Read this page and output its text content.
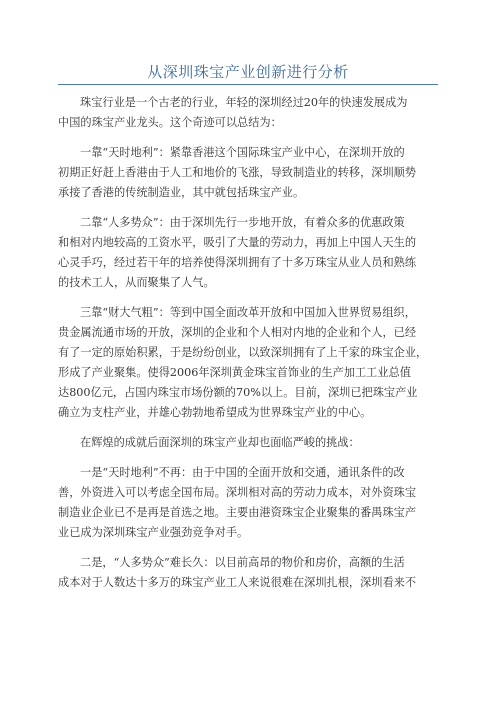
从深圳珠宝产业创新进行分析
珠宝行业是一个古老的行业，年轻的深圳经过20年的快速发展成为
中国的珠宝产业龙头。这个奇迹可以总结为：
一靠“天时地利”：紧靠香港这个国际珠宝产业中心，在深圳开放的
初期正好赶上香港由于人工和地价的飞涨，导致制造业的转移，深圳顺势
承接了香港的传统制造业，其中就包括珠宝产业。
二靠“人多势众”：由于深圳先行一步地开放，有着众多的优惠政策
和相对内地较高的工资水平，吸引了大量的劳动力，再加上中国人天生的
心灵手巧，经过若干年的培养使得深圳拥有了十多万珠宝从业人员和熟练
的技术工人，从而聚集了人气。
三靠“财大气粗”：等到中国全面改革开放和中国加入世界贸易组织，
贵金属流通市场的开放，深圳的企业和个人相对内地的企业和个人，已经
有了一定的原始积累，于是纷纷创业，以致深圳拥有了上千家的珠宝企业，
形成了产业聚集。使得2006年深圳黄金珠宝首饰业的生产加工工业总值
达800亿元，占国内珠宝市场份额的70%以上。目前，深圳已把珠宝产业
确立为支柱产业，并雄心勃勃地希望成为世界珠宝产业的中心。
在辉煌的成就后面深圳的珠宝产业却也面临严峻的挑战：
一是“天时地利”不再：由于中国的全面开放和交通，通讯条件的改
善，外资进入可以考虑全国布局。深圳相对高的劳动力成本，对外资珠宝
制造业企业已不是再是首选之地。主要由港资珠宝企业聚集的番禺珠宝产
业已成为深圳珠宝产业强劲竞争对手。
二是，“人多势众”难长久：以目前高昂的物价和房价，高额的生活
成本对于人数达十多万的珠宝产业工人来说很难在深圳扎根，深圳看来不
